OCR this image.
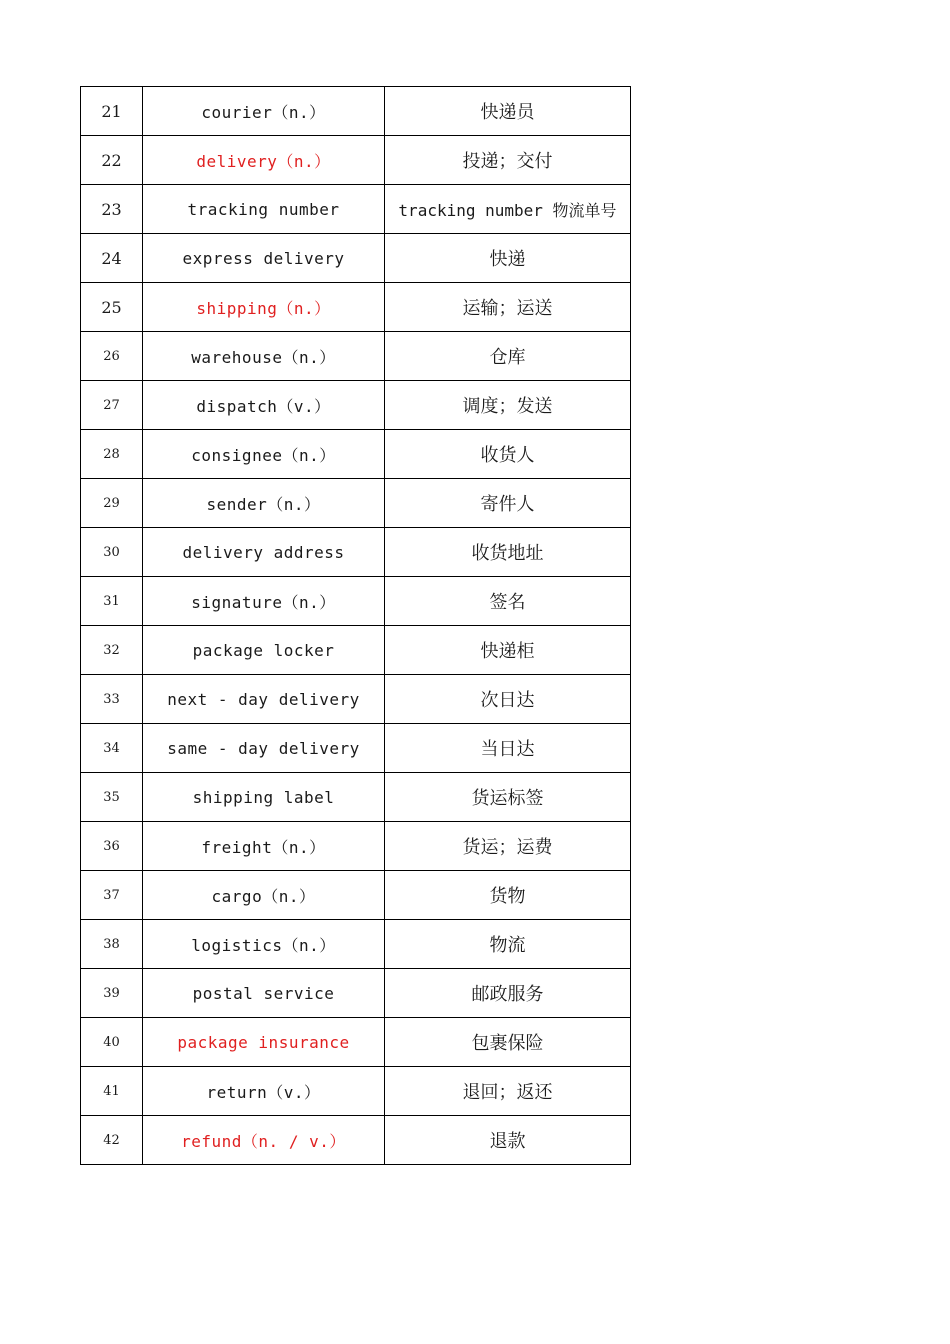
21	courier（n.）	快递员
22	delivery（n.）	投递；交付
23	tracking number	tracking number 物流单号
24	express delivery	快递
25	shipping（n.）	运输；运送
26	warehouse（n.）	仓库
27	dispatch（v.）	调度；发送
28	consignee（n.）	收货人
29	sender（n.）	寄件人
30	delivery address	收货地址
31	signature（n.）	签名
32	package locker	快递柜
33	next - day delivery	次日达
34	same - day delivery	当日达
35	shipping label	货运标签
36	freight（n.）	货运；运费
37	cargo（n.）	货物
38	logistics（n.）	物流
39	postal service	邮政服务
40	package insurance	包裹保险
41	return（v.）	退回；返还
42	refund（n. / v.）	退款
